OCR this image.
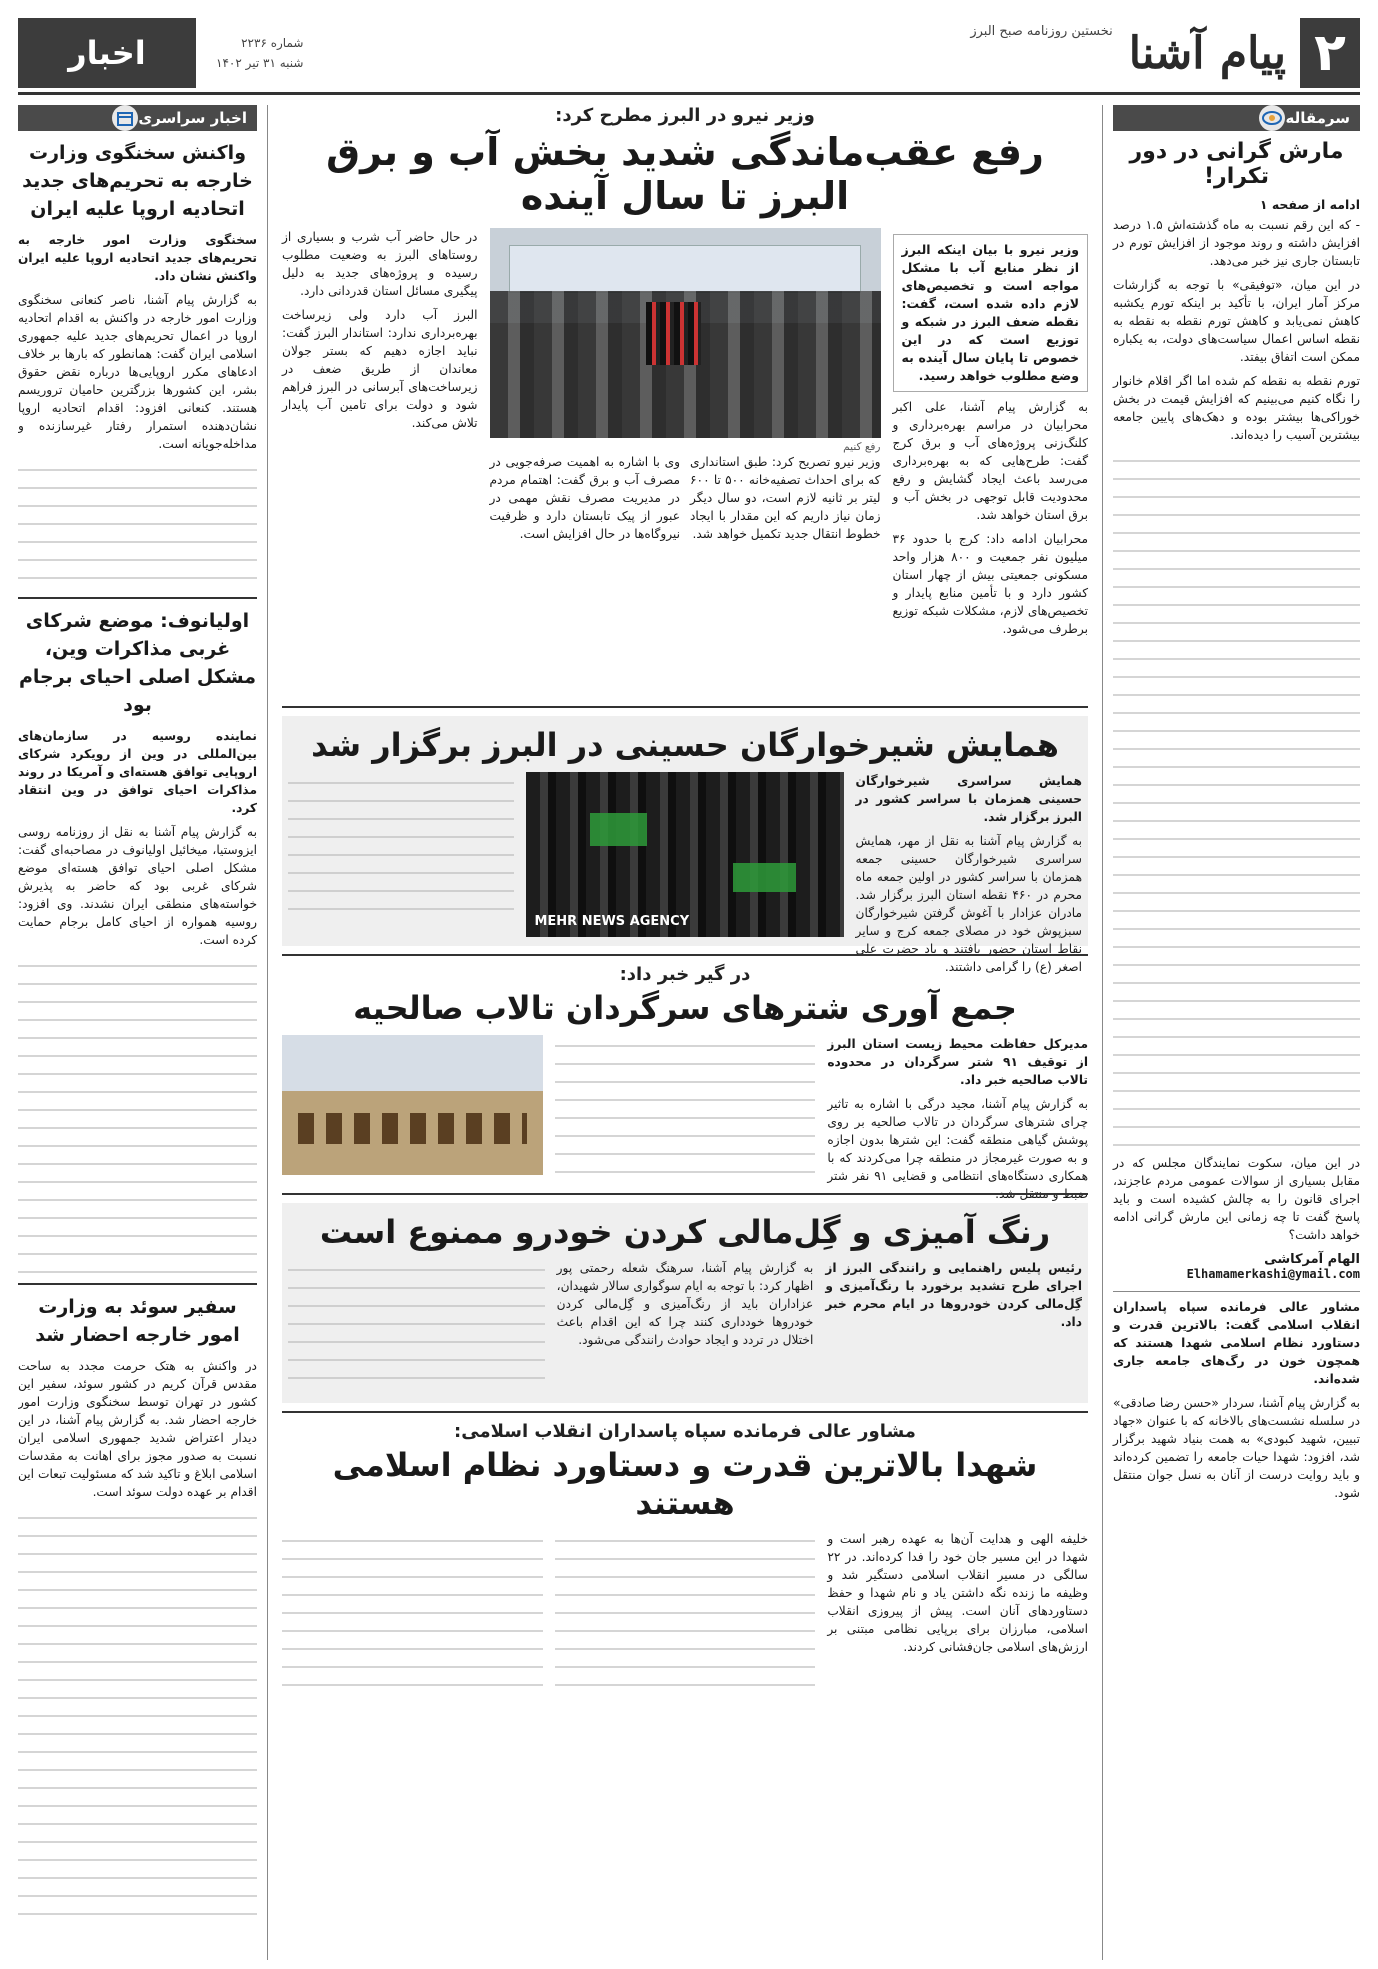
۲
پیام آشنا
نخستین روزنامه صبح البرز
شماره ۲۲۳۶
شنبه ۳۱ تیر ۱۴۰۲
اخبار
سرمقاله
مارش گرانی در دور تکرار!
ادامه از صفحه ۱

- که این رقم نسبت به ماه گذشته‌اش ۱.۵ درصد افزایش داشته و روند موجود از افزایش تورم در تابستان جاری نیز خبر می‌دهد.

در این میان، «توفیقی» با توجه به گزارشات مرکز آمار ایران، با تأکید بر اینکه تورم یکشبه کاهش نمی‌یابد و کاهش تورم نقطه به نقطه به نقطه اساس اعمال سیاست‌های دولت، به ‌یکباره ممکن است اتفاق بیفتد.

تورم نقطه به نقطه کم شده اما اگر اقلام خانوار را نگاه کنیم می‌بینیم که افزایش قیمت در بخش خوراکی‌ها بیشتر بوده و دهک‌های پایین جامعه بیشترین آسیب را دیده‌اند.

در این میان، سکوت نمایندگان مجلس که در مقابل بسیاری از سوالات عمومی مردم عاجزند، اجرای قانون را به چالش کشیده است و باید پاسخ گفت تا چه زمانی این مارش گرانی ادامه خواهد داشت؟

الهام آمرکاشی
Elhamamerkashi@ymail.com

مشاور عالی فرمانده سپاه پاسداران انقلاب اسلامی گفت: بالاترین قدرت و دستاورد نظام اسلامی شهدا هستند که همچون خون در رگ‌های جامعه جاری شده‌اند.

به گزارش پیام آشنا، سردار «حسن رضا صادقی» در سلسله نشست‌های بالاخانه که با عنوان «جهاد تبیین، شهید کبودی» به همت بنیاد شهید برگزار شد، افزود: شهدا حیات جامعه را تضمین کرده‌اند و باید روایت درست از آنان به نسل جوان منتقل شود.

وزیر نیرو در البرز مطرح کرد:
رفع عقب‌ماندگی شدید بخش آب و برق البرز تا سال آینده
وزیر نیرو با بیان اینکه البرز از نظر منابع آب با مشکل مواجه است و تخصیص‌های لازم داده شده است، گفت: نقطه ضعف البرز در شبکه و توزیع است که در این خصوص تا پایان سال آینده به وضع مطلوب خواهد رسید.

به گزارش پیام آشنا، علی اکبر محرابیان در مراسم بهره‌برداری و کلنگ‌زنی پروژه‌های آب و برق کرج گفت: طرح‌هایی که به بهره‌برداری می‌رسد باعث ایجاد گشایش و رفع محدودیت قابل توجهی در بخش آب و برق استان خواهد شد.

محرابیان ادامه داد: کرج با حدود ۳۶ میلیون نفر جمعیت و ۸۰۰ هزار واحد مسکونی جمعیتی بیش از چهار استان کشور دارد و با تأمین منابع پایدار و تخصیص‌های لازم، مشکلات شبکه توزیع برطرف می‌شود.

رفع کنیم

وزیر نیرو تصریح کرد: طبق استانداری که برای احداث تصفیه‌خانه ۵۰۰ تا ۶۰۰ لیتر بر ثانیه لازم است، دو سال دیگر زمان نیاز داریم که این مقدار با ایجاد خطوط انتقال جدید تکمیل خواهد شد.

وی با اشاره به اهمیت صرفه‌جویی در مصرف آب و برق گفت: اهتمام مردم در مدیریت مصرف نقش مهمی در عبور از پیک تابستان دارد و ظرفیت نیروگاه‌ها در حال افزایش است.

در حال حاضر آب شرب و بسیاری از روستاهای البرز به وضعیت مطلوب رسیده و پروژه‌های جدید به دلیل پیگیری مسائل استان قدردانی دارد.

البرز آب دارد ولی زیرساخت بهره‌برداری ندارد: استاندار البرز گفت: نباید اجازه دهیم که بستر جولان معاندان از طریق ضعف در زیرساخت‌های آبرسانی در البرز فراهم شود و دولت برای تامین آب پایدار تلاش می‌کند.

همایش شیرخوارگان حسینی در البرز برگزار شد

همایش سراسری شیرخوارگان حسینی همزمان با سراسر کشور در البرز برگزار شد.

به گزارش پیام آشنا به نقل از مهر، همایش سراسری شیرخوارگان حسینی جمعه همزمان با سراسر کشور در اولین جمعه ماه محرم در ۴۶۰ نقطه استان البرز برگزار شد. مادران عزادار با آغوش گرفتن شیرخوارگان سبزپوش خود در مصلای جمعه کرج و سایر نقاط استان حضور یافتند و یاد حضرت علی اصغر (ع) را گرامی داشتند.

MEHR NEWS AGENCY
در گیر خبر داد:
جمع آوری شترهای سرگردان تالاب صالحیه

مدیرکل حفاظت محیط زیست استان البرز از توقیف ۹۱ شتر سرگردان در محدوده تالاب صالحیه خبر داد.

به گزارش پیام آشنا، مجید درگی با اشاره به تاثیر چرای شترهای سرگردان در تالاب صالحیه بر روی پوشش گیاهی منطقه گفت: این شترها بدون اجازه و به صورت غیرمجاز در منطقه چرا می‌کردند که با همکاری دستگاه‌های انتظامی و قضایی ۹۱ نفر شتر ضبط و منتقل شد.

رنگ آمیزی و گِل‌مالی کردن خودرو ممنوع است

رئیس پلیس راهنمایی و رانندگی البرز از اجرای طرح تشدید برخورد با رنگ‌آمیزی و گِل‌مالی کردن خودروها در ایام محرم خبر داد.

به گزارش پیام آشنا، سرهنگ شعله رحمتی پور اظهار کرد: با توجه به ایام سوگواری سالار شهیدان، عزاداران باید از رنگ‌آمیزی و گِل‌مالی کردن خودروها خودداری کنند چرا که این اقدام باعث اختلال در تردد و ایجاد حوادث رانندگی می‌شود.

مشاور عالی فرمانده سپاه پاسداران انقلاب اسلامی:
شهدا بالاترین قدرت و دستاورد نظام اسلامی هستند

خلیفه الهی و هدایت آن‌ها به عهده رهبر است و شهدا در این مسیر جان خود را فدا کرده‌اند. در ۲۲ سالگی در مسیر انقلاب اسلامی دستگیر شد و وظیفه ما زنده نگه داشتن یاد و نام شهدا و حفظ دستاوردهای آنان است. پیش از پیروزی انقلاب اسلامی، مبارزان برای برپایی نظامی مبتنی بر ارزش‌های اسلامی جان‌فشانی کردند.

اخبار سراسری
واکنش سخنگوی وزارت خارجه به تحریم‌های جدید اتحادیه اروپا علیه ایران

سخنگوی وزارت امور خارجه به تحریم‌های جدید اتحادیه اروپا علیه ایران واکنش نشان داد.

به گزارش پیام آشنا، ناصر کنعانی سخنگوی وزارت امور خارجه در واکنش به اقدام اتحادیه اروپا در اعمال تحریم‌های جدید علیه جمهوری اسلامی ایران گفت: همانطور که بارها بر خلاف ادعاهای مکرر اروپایی‌ها درباره نقض حقوق بشر، این کشورها بزرگترین حامیان تروریسم هستند. کنعانی افزود: اقدام اتحادیه اروپا نشان‌دهنده استمرار رفتار غیرسازنده و مداخله‌جویانه است.

اولیانوف: موضع شرکای غربی مذاکرات وین، مشکل اصلی احیای برجام بود

نماینده روسیه در سازمان‌های بین‌المللی در وین از رویکرد شرکای اروپایی توافق هسته‌ای و آمریکا در روند مذاکرات احیای توافق در وین انتقاد کرد.

به گزارش پیام آشنا به نقل از روزنامه روسی ایزوستیا، میخائیل اولیانوف در مصاحبه‌ای گفت: مشکل اصلی احیای توافق هسته‌ای موضع شرکای غربی بود که حاضر به پذیرش خواسته‌های منطقی ایران نشدند. وی افزود: روسیه همواره از احیای کامل برجام حمایت کرده است.

سفیر سوئد به وزارت امور خارجه احضار شد

در واکنش به هتک حرمت مجدد به ساحت مقدس قرآن کریم در کشور سوئد، سفیر این کشور در تهران توسط سخنگوی وزارت امور خارجه احضار شد. به گزارش پیام آشنا، در این دیدار اعتراض شدید جمهوری اسلامی ایران نسبت به صدور مجوز برای اهانت به مقدسات اسلامی ابلاغ و تاکید شد که مسئولیت تبعات این اقدام بر عهده دولت سوئد است.
